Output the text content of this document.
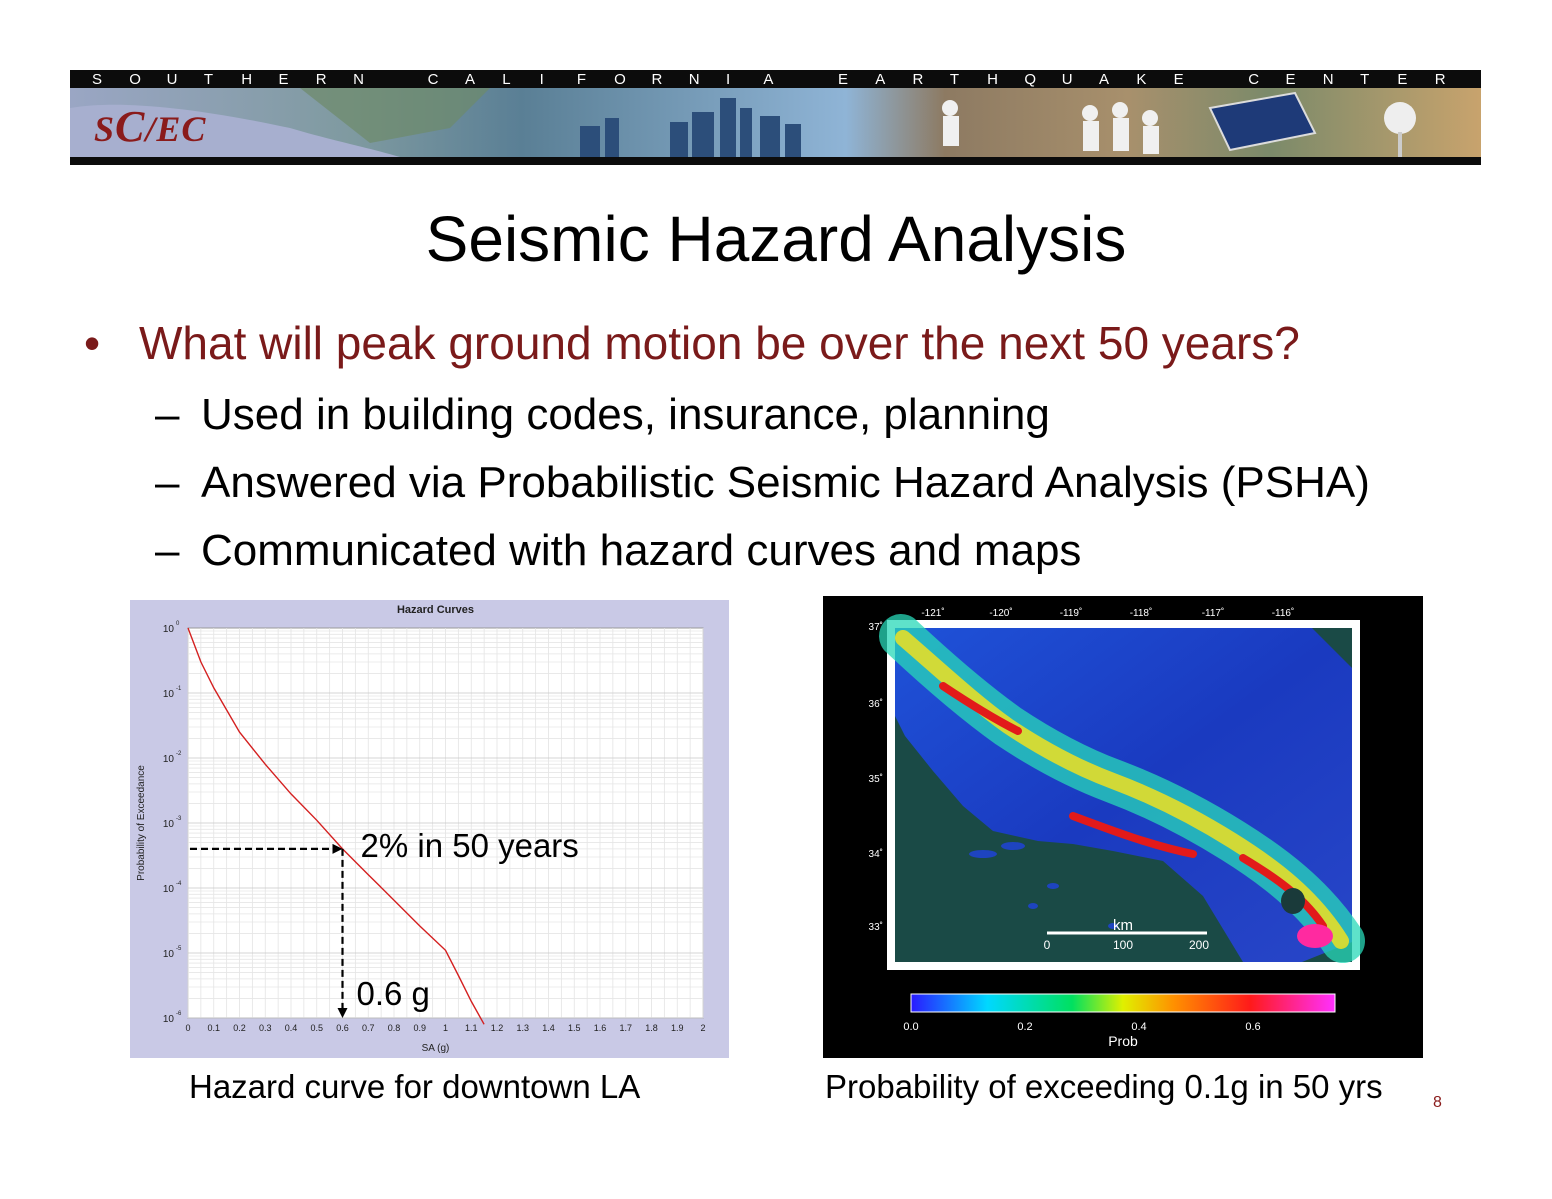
S O U T H E R N	C A L I F O R N I A	E A R T H Q U A K E	C E N T E R
SC/EC
Seismic Hazard Analysis
• What will peak ground motion be over the next 50 years?
– Used in building codes, insurance, planning
– Answered via Probabilistic Seismic Hazard Analysis (PSHA)
– Communicated with hazard curves and maps
Hazard Curves
0 0.1 0.2 0.3 0.4 0.5 0.6 0.7 0.8 0.9 1 1.1 1.2 1.3 1.4 1.5 1.6 1.7 1.8 1.9 2
SA (g)
10 0
10 -1
10 -2
10 -3
10 -4
10 -5
10 -6
Probability of Exceedance	2% in 50 years
0.6 g
-121˚	-120˚	-119˚	-118˚	-117˚	-116˚
37˚
36˚
35˚
34˚
33˚	km
0	100	200
0.0	0.2	0.4	0.6
Prob
Hazard curve for downtown LA	Probability of exceeding 0.1g in 50 yrs	8
